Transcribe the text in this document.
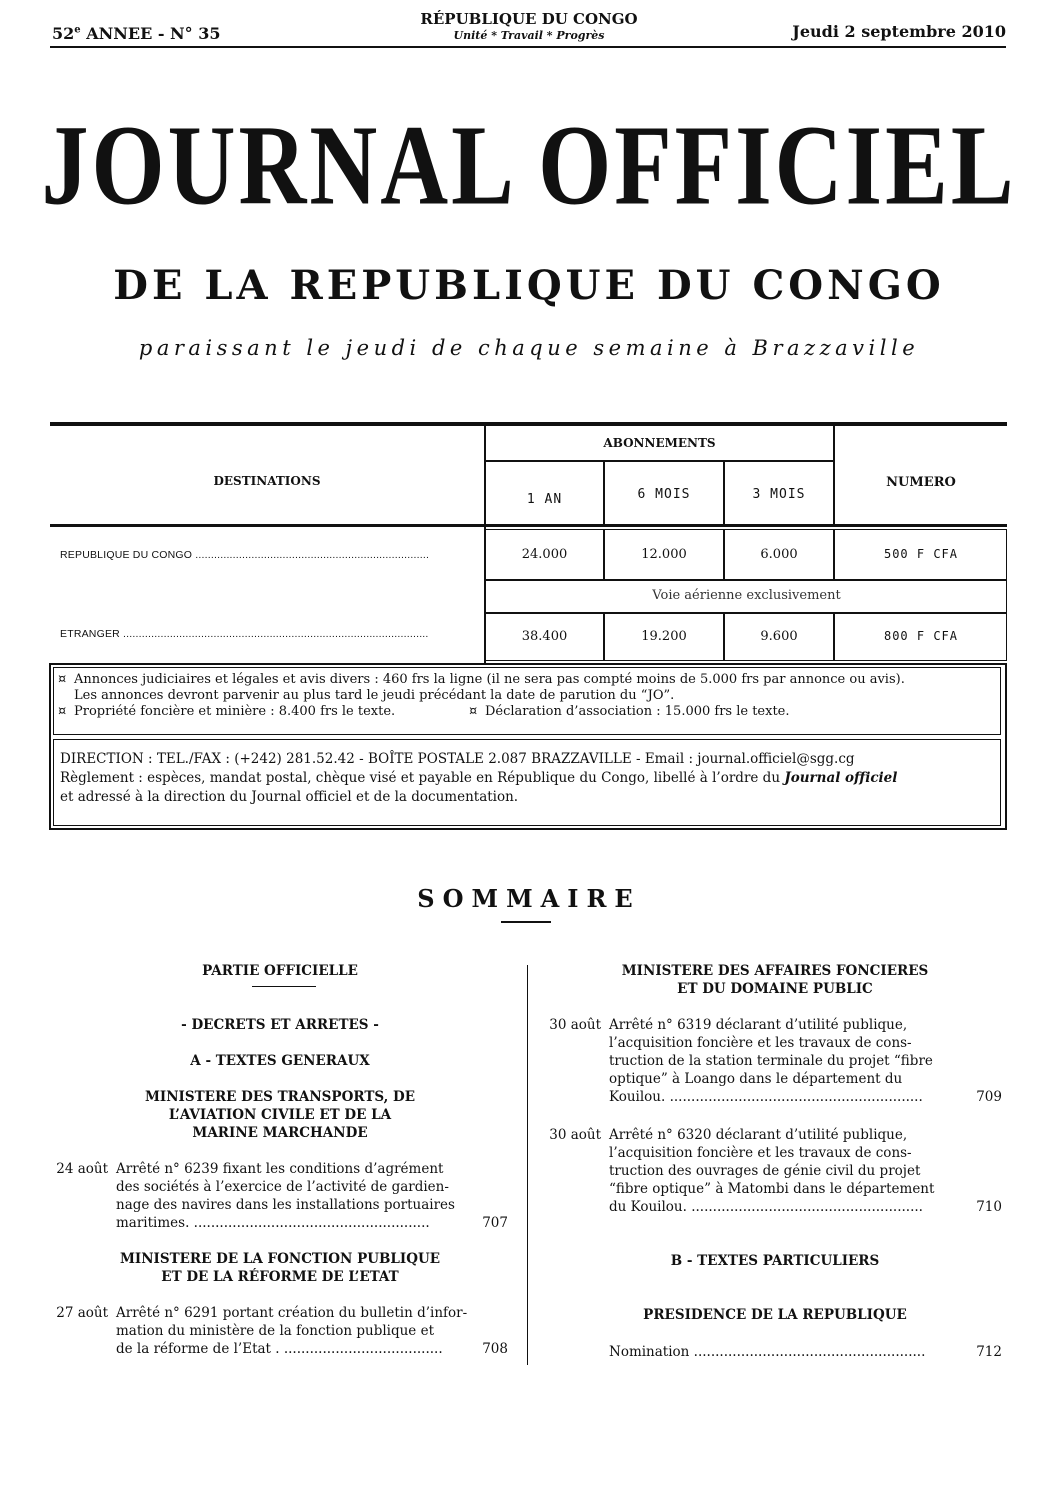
52e ANNEE - N° 35
RÉPUBLIQUE DU CONGO
Unité * Travail * Progrès	Jeudi 2 septembre 2010
JOURNAL OFFICIEL
DE LA REPUBLIQUE DU CONGO
paraissant le jeudi de chaque semaine à Brazzaville
DESTINATIONS
ABONNEMENTS
1 AN	6 MOIS	3 MOIS
NUMERO
REPUBLIQUE DU CONGO ...........................................................................	24.000	12.000	6.000	500 F CFA
Voie aérienne exclusivement
ETRANGER ..................................................................................................	38.400	19.200	9.600	800 F CFA
¤ Annonces judiciaires et légales et avis divers : 460 frs la ligne (il ne sera pas compté moins de 5.000 frs par annonce ou avis).
Les annonces devront parvenir au plus tard le jeudi précédant la date de parution du “JO”.
¤ Propriété foncière et minière : 8.400 frs le texte.	¤ Déclaration d’association : 15.000 frs le texte.
DIRECTION : TEL./FAX : (+242) 281.52.42 - BOÎTE POSTALE 2.087 BRAZZAVILLE - Email : journal.officiel@sgg.cg
Règlement : espèces, mandat postal, chèque visé et payable en République du Congo, libellé à l’ordre du Journal officiel
et adressé à la direction du Journal officiel et de la documentation.
SOMMAIRE
PARTIE OFFICIELLE
- DECRETS ET ARRETES -
A - TEXTES GENERAUX
MINISTERE DES TRANSPORTS, DE
L’AVIATION CIVILE ET DE LA
MARINE MARCHANDE
24 août Arrêté n° 6239 fixant les conditions d’agrément
des sociétés à l’exercice de l’activité de gardien-
nage des navires dans les installations portuaires
maritimes. .......................................................	707
MINISTERE DE LA FONCTION PUBLIQUE
ET DE LA RÉFORME DE L’ETAT
27 août Arrêté n° 6291 portant création du bulletin d’infor-
mation du ministère de la fonction publique et
de la réforme de l’Etat . .....................................	708
MINISTERE DES AFFAIRES FONCIERES
ET DU DOMAINE PUBLIC
30 août Arrêté n° 6319 déclarant d’utilité publique,
l’acquisition foncière et les travaux de cons-
truction de la station terminale du projet “fibre
optique” à Loango dans le département du
Kouilou. ...........................................................	709
30 août Arrêté n° 6320 déclarant d’utilité publique,
l’acquisition foncière et les travaux de cons-
truction des ouvrages de génie civil du projet
“fibre optique” à Matombi dans le département
du Kouilou. ......................................................	710
B - TEXTES PARTICULIERS
PRESIDENCE DE LA REPUBLIQUE
Nomination ......................................................	712
